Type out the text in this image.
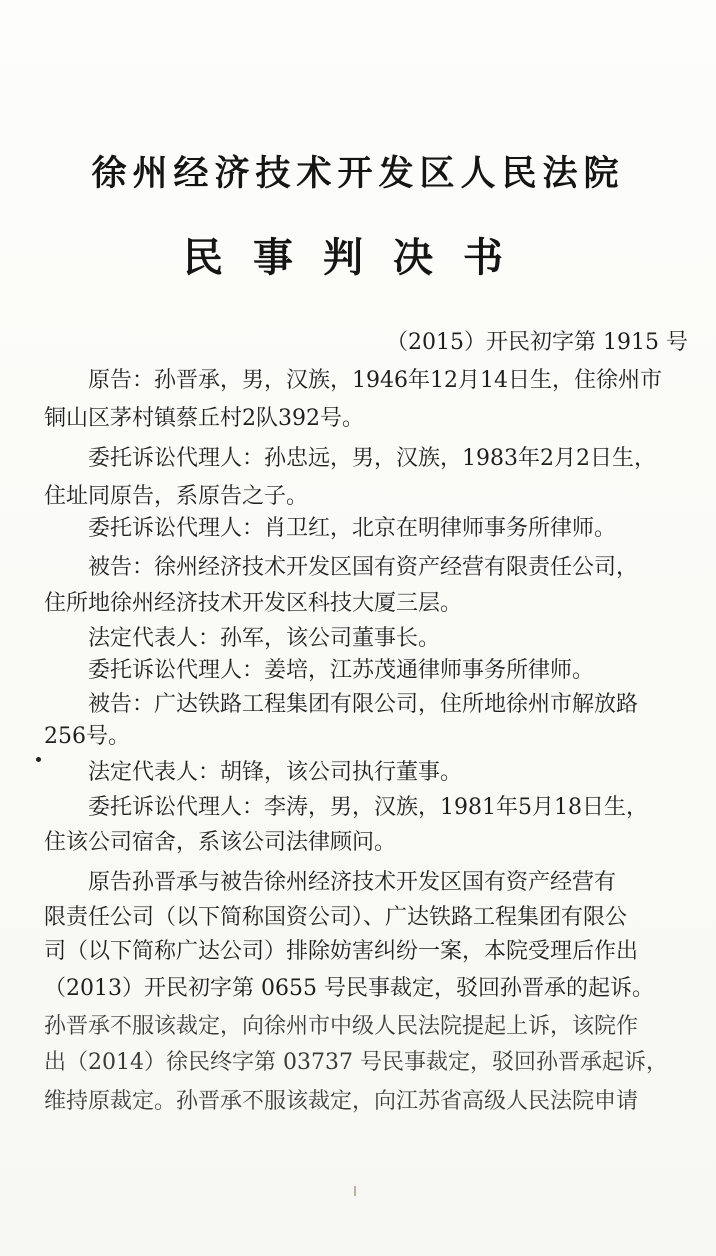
徐州经济技术开发区人民法院
民事判决书
（2015）开民初字第 1915 号
原告：孙晋承，男，汉族，1946年12月14日生，住徐州市
铜山区茅村镇蔡丘村2队392号。
委托诉讼代理人：孙忠远，男，汉族，1983年2月2日生，
住址同原告，系原告之子。
委托诉讼代理人：肖卫红，北京在明律师事务所律师。
被告：徐州经济技术开发区国有资产经营有限责任公司，
住所地徐州经济技术开发区科技大厦三层。
法定代表人：孙军，该公司董事长。
委托诉讼代理人：姜培，江苏茂通律师事务所律师。
被告：广达铁路工程集团有限公司，住所地徐州市解放路
256号。
法定代表人：胡锋，该公司执行董事。
委托诉讼代理人：李涛，男，汉族，1981年5月18日生，
住该公司宿舍，系该公司法律顾问。
原告孙晋承与被告徐州经济技术开发区国有资产经营有
限责任公司（以下简称国资公司）、广达铁路工程集团有限公
司（以下简称广达公司）排除妨害纠纷一案，本院受理后作出
（2013）开民初字第 0655 号民事裁定，驳回孙晋承的起诉。
孙晋承不服该裁定，向徐州市中级人民法院提起上诉，该院作
出（2014）徐民终字第 03737 号民事裁定，驳回孙晋承起诉，
维持原裁定。孙晋承不服该裁定，向江苏省高级人民法院申请
